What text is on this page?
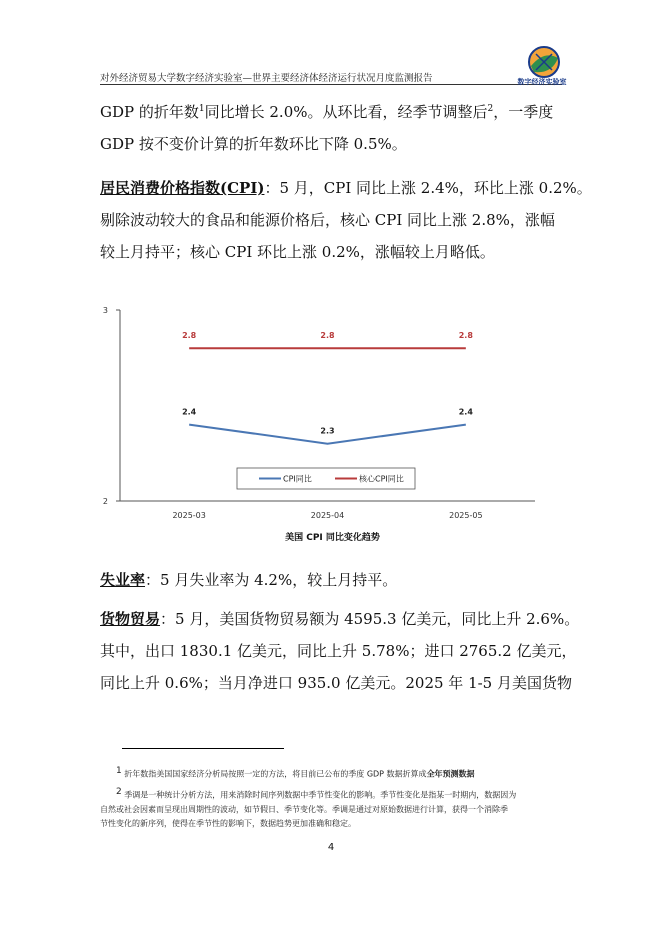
对外经济贸易大学数字经济实验室—世界主要经济体经济运行状况月度监测报告	数字经济实验室
GDP 的折年数$^1$同比增长 2.0%。从环比看，经季节调整后$^2$，一季度
GDP 按不变价计算的折年数环比下降 0.5%。
居民消费价格指数(CPI)：5 月，CPI 同比上涨 2.4%，环比上涨 0.2%。
剔除波动较大的食品和能源价格后，核心 CPI 同比上涨 2.8%，涨幅
较上月持平；核心 CPI 环比上涨 0.2%，涨幅较上月略低。
2
3
2025-03	2025-04	2025-05
2.4
2.3
2.4
2.8	2.8	2.8
CPI同比	核心CPI同比
美国 CPI 同比变化趋势
失业率：5 月失业率为 4.2%，较上月持平。
货物贸易：5 月，美国货物贸易额为 4595.3 亿美元，同比上升 2.6%。
其中，出口 1830.1 亿美元，同比上升 5.78%；进口 2765.2 亿美元，
同比上升 0.6%；当月净进口 935.0 亿美元。2025 年 1-5 月美国货物
$^1$ 折年数指美国国家经济分析局按照一定的方法，将目前已公布的季度 GDP 数据折算成全年预测数据
$^2$ 季调是一种统计分析方法，用来消除时间序列数据中季节性变化的影响。季节性变化是指某一时期内，数据因为
自然或社会因素而呈现出周期性的波动，如节假日、季节变化等。季调是通过对原始数据进行计算，获得一个消除季
节性变化的新序列，使得在季节性的影响下，数据趋势更加准确和稳定。
4
